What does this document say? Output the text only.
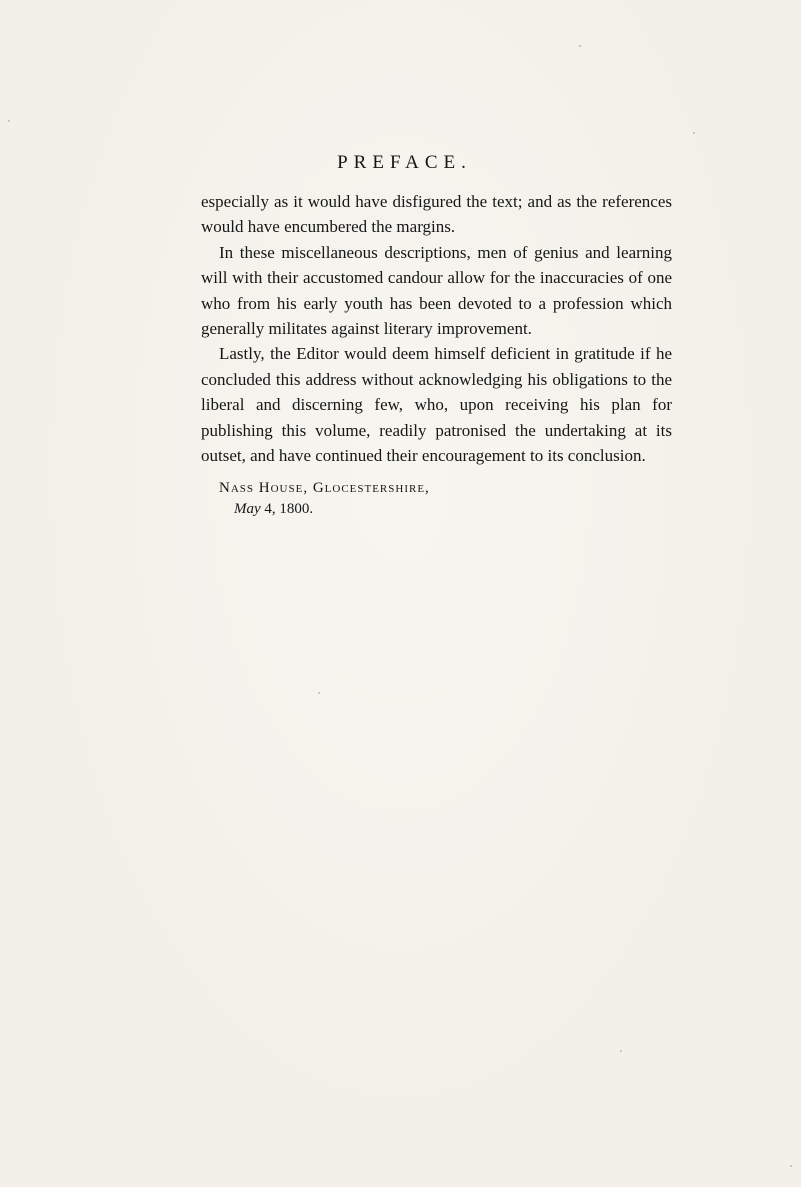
PREFACE.

especially as it would have disfigured the text; and as the references would have encumbered the margins.

In these miscellaneous descriptions, men of genius and learning will with their accustomed candour allow for the inaccuracies of one who from his early youth has been devoted to a profession which generally militates against literary improvement.

Lastly, the Editor would deem himself deficient in gratitude if he concluded this address without acknowledging his obligations to the liberal and discerning few, who, upon receiving his plan for publishing this volume, readily patronised the undertaking at its outset, and have continued their encouragement to its conclusion.

Nass House, Glocestershire,
May 4, 1800.
